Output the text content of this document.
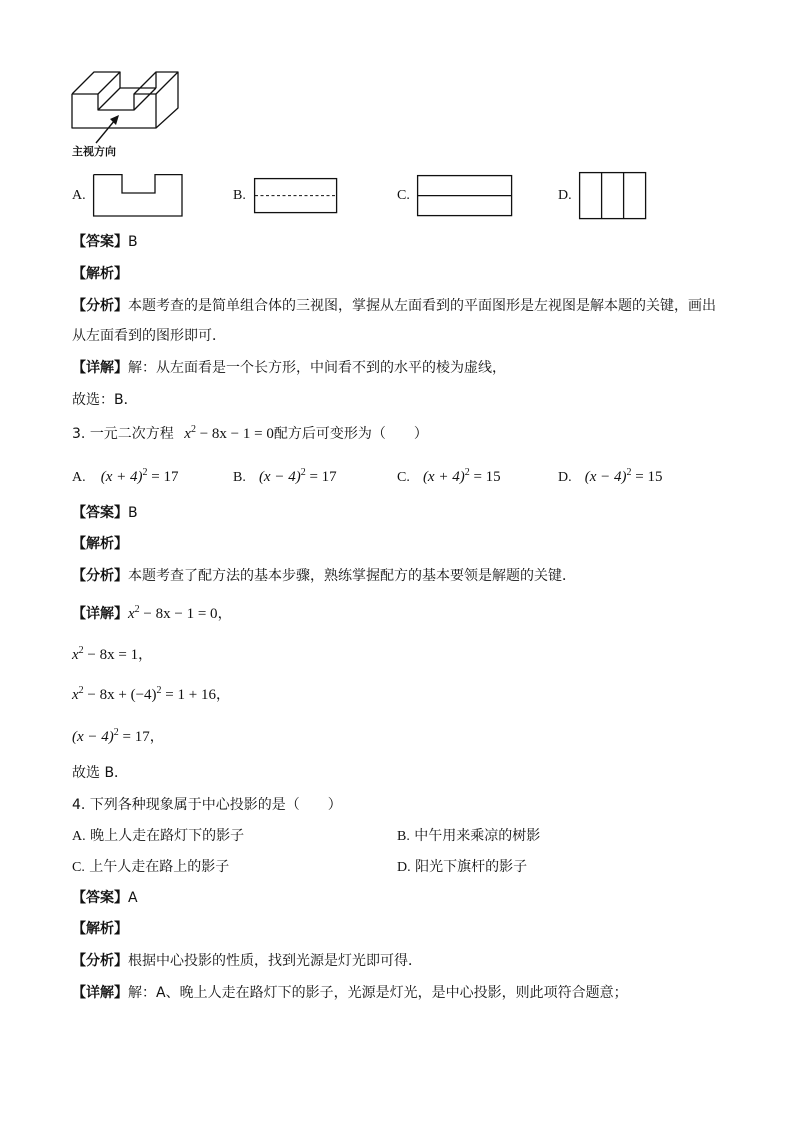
主视方向
A.	B.	C.	D.
【答案】B
【解析】
【分析】本题考查的是简单组合体的三视图，掌握从左面看到的平面图形是左视图是解本题的关键，画出
从左面看到的图形即可．
【详解】解：从左面看是一个长方形，中间看不到的水平的棱为虚线，
故选：B．
3. 一元二次方程 $x^2 - 8x - 1 = 0$配方后可变形为（　　）
A. $(x + 4)^2 = 17$	B. $(x - 4)^2 = 17$	C. $(x + 4)^2 = 15$	D. $(x - 4)^2 = 15$
【答案】B
【解析】
【分析】本题考查了配方法的基本步骤，熟练掌握配方的基本要领是解题的关键．
【详解】$x^2 - 8x - 1 = 0$，
$x^2 - 8x = 1$，
$x^2 - 8x + (-4)^2 = 1 + 16$，
$(x - 4)^2 = 17$，
故选 B．
4. 下列各种现象属于中心投影的是（　　）
A. 晚上人走在路灯下的影子	B. 中午用来乘凉的树影
C. 上午人走在路上的影子	D. 阳光下旗杆的影子
【答案】A
【解析】
【分析】根据中心投影的性质，找到光源是灯光即可得．
【详解】解：A、晚上人走在路灯下的影子，光源是灯光，是中心投影，则此项符合题意；
